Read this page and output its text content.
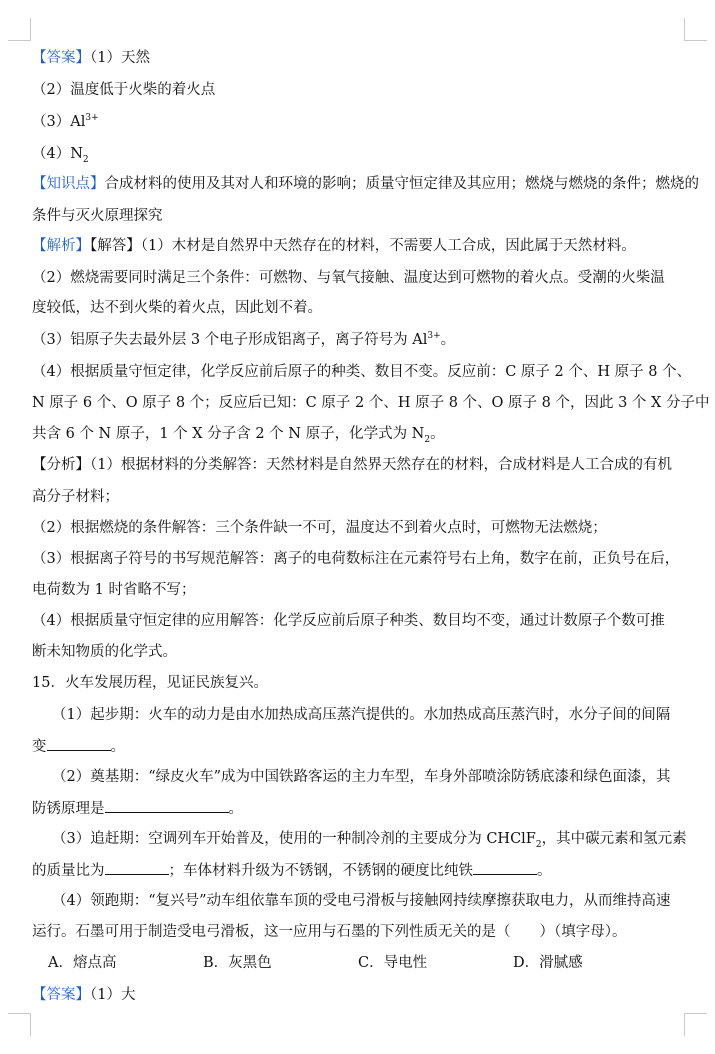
【答案】（1）天然
（2）温度低于火柴的着火点
$(3)Al^{3+}$
$(4)N_2$
【知识点】合成材料的使用及其对人和环境的影响；质量守恒定律及其应用；燃烧与燃烧的条件；燃烧的
条件与灭火原理探究
【解析】【解答】（1）木材是自然界中天然存在的材料，不需要人工合成，因此属于天然材料。
（2）燃烧需要同时满足三个条件：可燃物、与氧气接触、温度达到可燃物的着火点。受潮的火柴温
度较低，达不到火柴的着火点，因此划不着。
（3）铝原子失去最外层 3 个电子形成铝离子，离子符号为 $Al^{3+}$。
（4）根据质量守恒定律，化学反应前后原子的种类、数目不变。反应前：C 原子 2 个、H 原子 8 个、
N 原子 6 个、O 原子 8 个；反应后已知：C 原子 2 个、H 原子 8 个、O 原子 8 个，因此 3 个 X 分子中
共含 6 个 N 原子，1 个 X 分子含 2 个 N 原子，化学式为 $N_2$。
【分析】（1）根据材料的分类解答：天然材料是自然界天然存在的材料，合成材料是人工合成的有机
高分子材料；
（2）根据燃烧的条件解答：三个条件缺一不可，温度达不到着火点时，可燃物无法燃烧；
（3）根据离子符号的书写规范解答：离子的电荷数标注在元素符号右上角，数字在前，正负号在后，
电荷数为 1 时省略不写；
（4）根据质量守恒定律的应用解答：化学反应前后原子种类、数目均不变，通过计数原子个数可推
断未知物质的化学式。
15．火车发展历程，见证民族复兴。
（1）起步期：火车的动力是由水加热成高压蒸汽提供的。水加热成高压蒸汽时，水分子间的间隔
变	。
（2）奠基期：“绿皮火车”成为中国铁路客运的主力车型，车身外部喷涂防锈底漆和绿色面漆，其
防锈原理是	。
（3）追赶期：空调列车开始普及，使用的一种制冷剂的主要成分为 CHClF$_2$，其中碳元素和氢元素
的质量比为	；车体材料升级为不锈钢，不锈钢的硬度比纯铁	。
（4）领跑期：“复兴号”动车组依靠车顶的受电弓滑板与接触网持续摩擦获取电力，从而维持高速
运行。石墨可用于制造受电弓滑板，这一应用与石墨的下列性质无关的是（　　）（填字母）。
A．熔点高	B．灰黑色	C．导电性	D．滑腻感
【答案】（1）大
